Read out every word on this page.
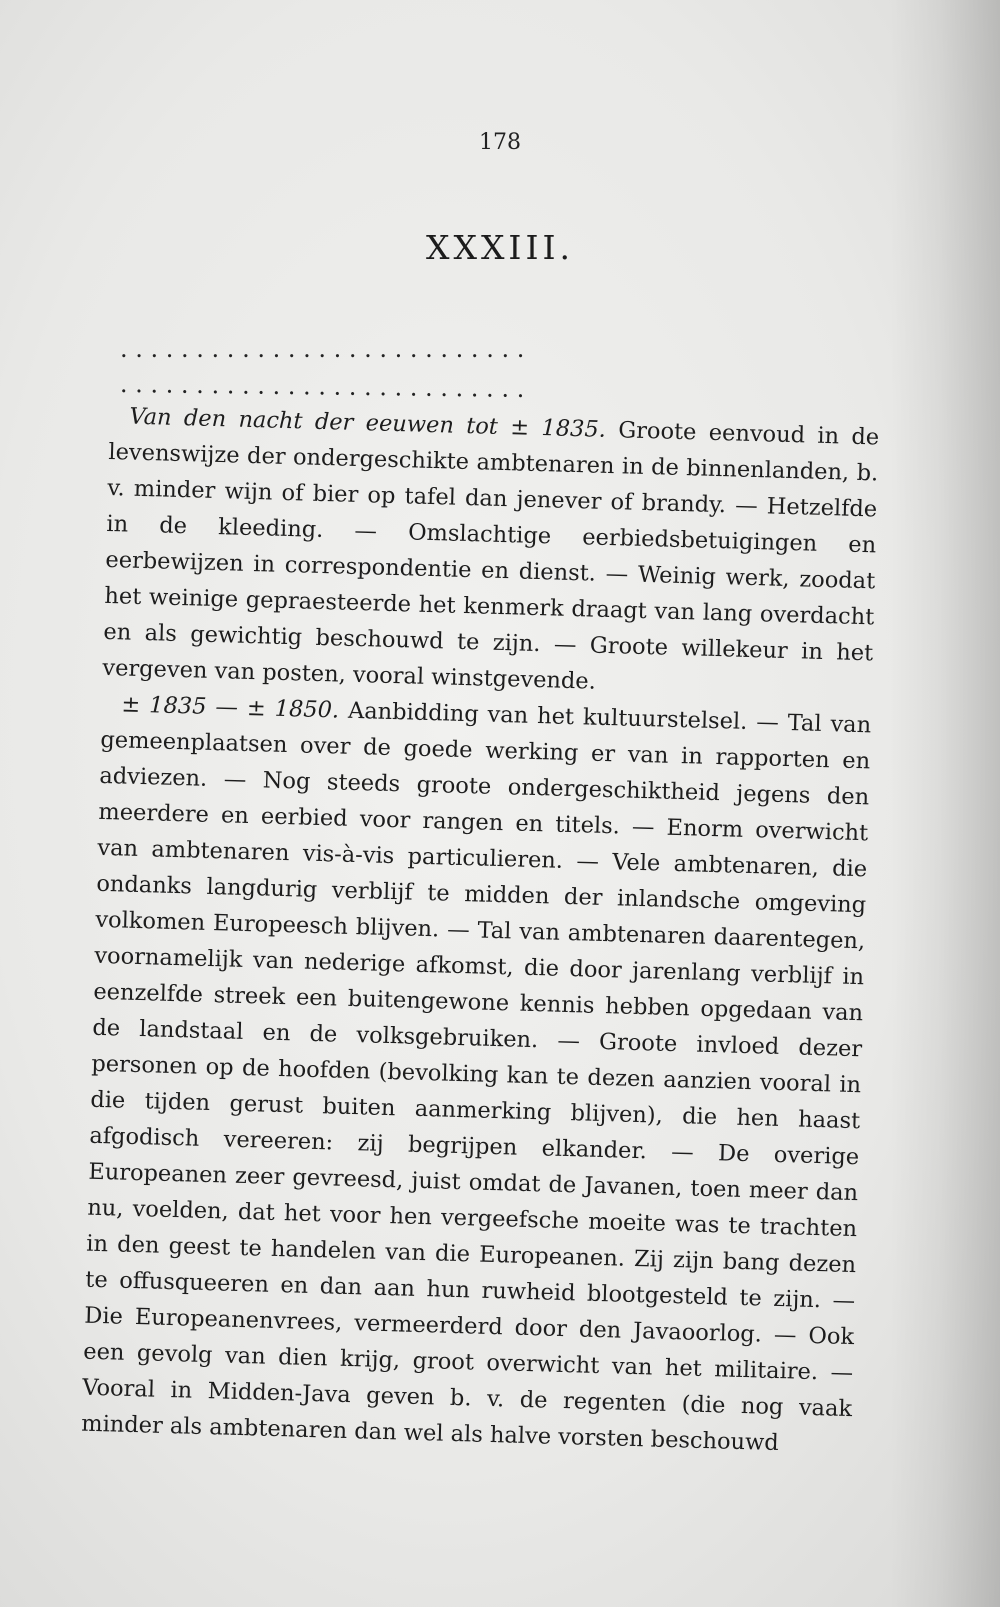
178
XXXIII.
. . . . . . . . . . . . . . . . . . . . . . . . . . .
. . . . . . . . . . . . . . . . . . . . . . . . . . .

Van den nacht der eeuwen tot ± 1835. Groote eenvoud in de levenswijze der ondergeschikte ambtenaren in de binnenlanden, b. v. minder wijn of bier op tafel dan jenever of brandy. — Hetzelfde in de kleeding. — Omslachtige eerbiedsbetuigingen en eerbewijzen in correspondentie en dienst. — Weinig werk, zoodat het weinige gepraesteerde het kenmerk draagt van lang overdacht en als gewichtig beschouwd te zijn. — Groote willekeur in het vergeven van posten, vooral winstgevende.

± 1835 — ± 1850. Aanbidding van het kultuurstelsel. — Tal van gemeenplaatsen over de goede werking er van in rapporten en adviezen. — Nog steeds groote ondergeschiktheid jegens den meerdere en eerbied voor rangen en titels. — Enorm overwicht van ambtenaren vis-à-vis particulieren. — Vele ambtenaren, die ondanks langdurig verblijf te midden der inlandsche omgeving volkomen Europeesch blijven. — Tal van ambtenaren daarentegen, voornamelijk van nederige afkomst, die door jarenlang verblijf in eenzelfde streek een buitengewone kennis hebben opgedaan van de landstaal en de volksgebruiken. — Groote invloed dezer personen op de hoofden (bevolking kan te dezen aanzien vooral in die tijden gerust buiten aanmerking blijven), die hen haast afgodisch vereeren: zij begrijpen elkander. — De overige Europeanen zeer gevreesd, juist omdat de Javanen, toen meer dan nu, voelden, dat het voor hen vergeefsche moeite was te trachten in den geest te handelen van die Europeanen. Zij zijn bang dezen te offusqueeren en dan aan hun ruwheid blootgesteld te zijn. — Die Europeanenvrees, vermeerderd door den Javaoorlog. — Ook een gevolg van dien krijg, groot overwicht van het militaire. — Vooral in Midden-Java geven b. v. de regenten (die nog vaak minder als ambtenaren dan wel als halve vorsten beschouwd
